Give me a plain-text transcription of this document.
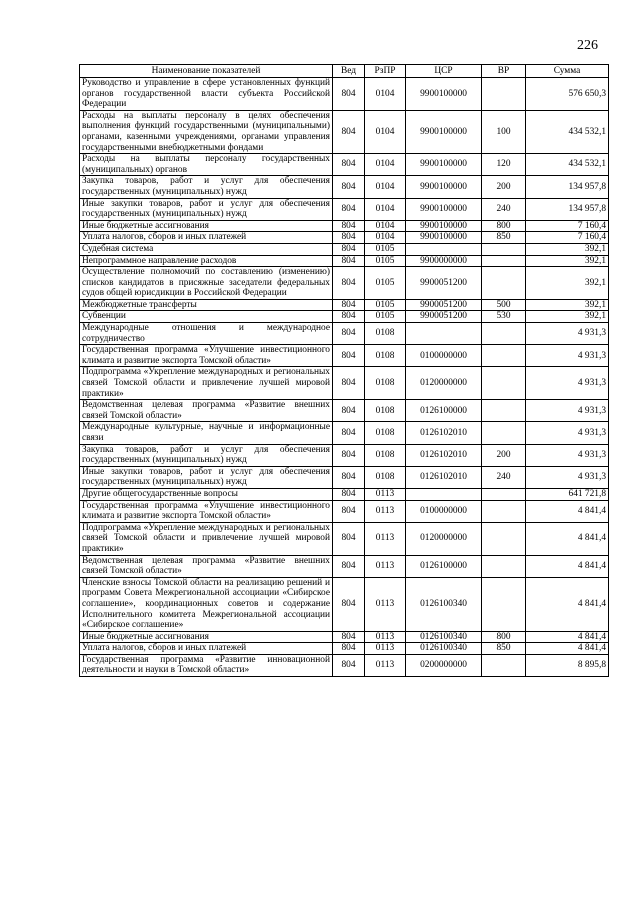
226
Наименование показателей	Вед	РзПР	ЦСР	ВР	Сумма
Руководство и управление в сфере установленных функций органов государственной власти субъекта Российской Федерации	804	0104	9900100000		576 650,3
Расходы на выплаты персоналу в целях обеспечения выполнения функций государственными (муниципальными) органами, казенными учреждениями, органами управления государственными внебюджетными фондами	804	0104	9900100000	100	434 532,1
Расходы на выплаты персоналу государственных (муниципальных) органов	804	0104	9900100000	120	434 532,1
Закупка товаров, работ и услуг для обеспечения государственных (муниципальных) нужд	804	0104	9900100000	200	134 957,8
Иные закупки товаров, работ и услуг для обеспечения государственных (муниципальных) нужд	804	0104	9900100000	240	134 957,8
Иные бюджетные ассигнования	804	0104	9900100000	800	7 160,4
Уплата налогов, сборов и иных платежей	804	0104	9900100000	850	7 160,4
Судебная система	804	0105			392,1
Непрограммное направление расходов	804	0105	9900000000		392,1
Осуществление полномочий по составлению (изменению) списков кандидатов в присяжные заседатели федеральных судов общей юрисдикции в Российской Федерации	804	0105	9900051200		392,1
Межбюджетные трансферты	804	0105	9900051200	500	392,1
Субвенции	804	0105	9900051200	530	392,1
Международные отношения и международное сотрудничество	804	0108			4 931,3
Государственная программа «Улучшение инвестиционного климата и развитие экспорта Томской области»	804	0108	0100000000		4 931,3
Подпрограмма «Укрепление международных и региональных связей Томской области и привлечение лучшей мировой практики»	804	0108	0120000000		4 931,3
Ведомственная целевая программа «Развитие внешних связей Томской области»	804	0108	0126100000		4 931,3
Международные культурные, научные и информационные связи	804	0108	0126102010		4 931,3
Закупка товаров, работ и услуг для обеспечения государственных (муниципальных) нужд	804	0108	0126102010	200	4 931,3
Иные закупки товаров, работ и услуг для обеспечения государственных (муниципальных) нужд	804	0108	0126102010	240	4 931,3
Другие общегосударственные вопросы	804	0113			641 721,8
Государственная программа «Улучшение инвестиционного климата и развитие экспорта Томской области»	804	0113	0100000000		4 841,4
Подпрограмма «Укрепление международных и региональных связей Томской области и привлечение лучшей мировой практики»	804	0113	0120000000		4 841,4
Ведомственная целевая программа «Развитие внешних связей Томской области»	804	0113	0126100000		4 841,4
Членские взносы Томской области на реализацию решений и программ Совета Межрегиональной ассоциации «Сибирское соглашение», координационных советов и содержание Исполнительного комитета Межрегиональной ассоциации «Сибирское соглашение»	804	0113	0126100340		4 841,4
Иные бюджетные ассигнования	804	0113	0126100340	800	4 841,4
Уплата налогов, сборов и иных платежей	804	0113	0126100340	850	4 841,4
Государственная программа «Развитие инновационной деятельности и науки в Томской области»	804	0113	0200000000		8 895,8
